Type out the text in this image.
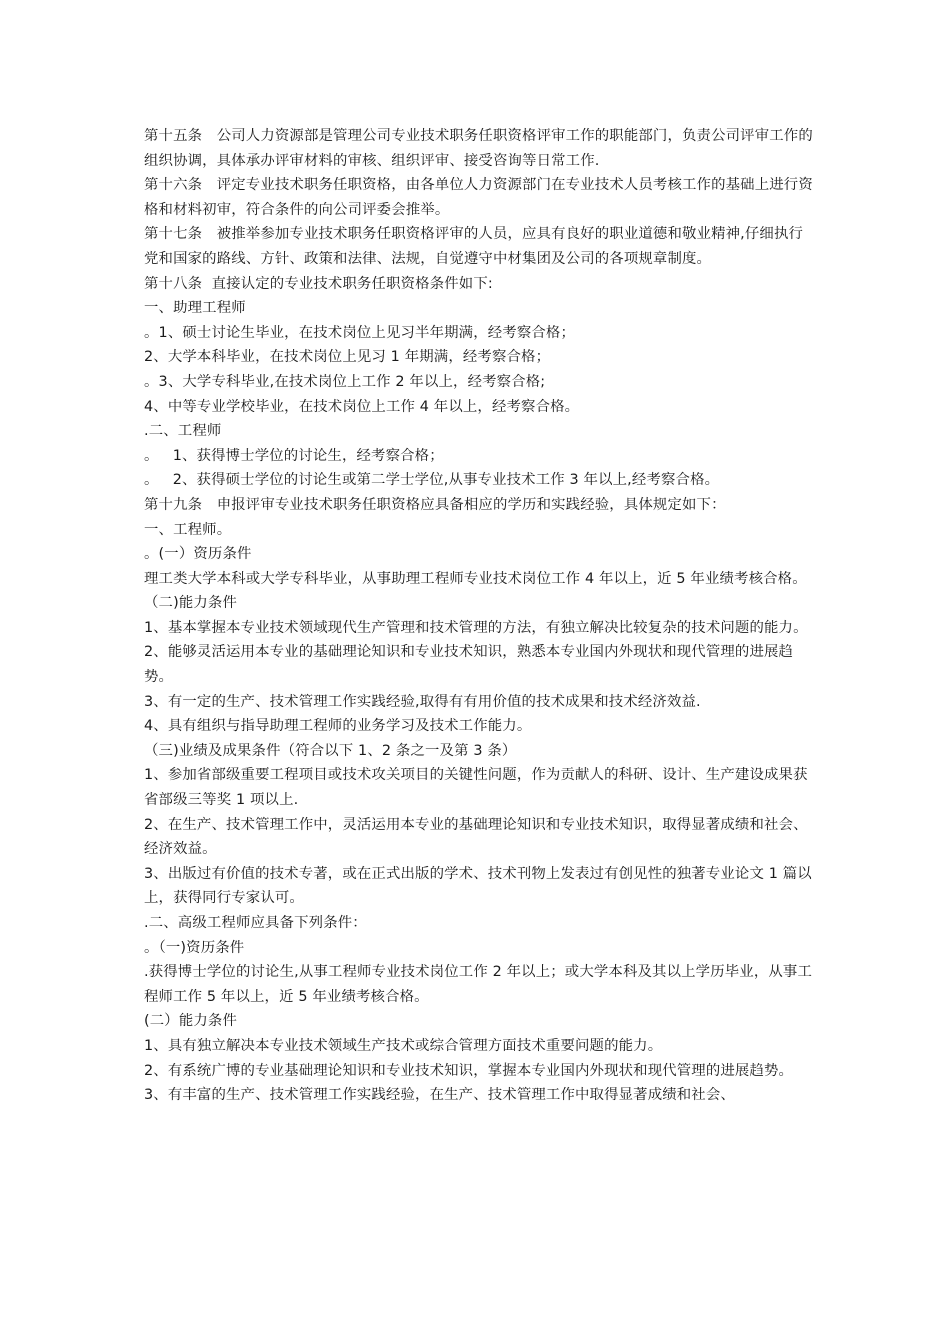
第十五条　公司人力资源部是管理公司专业技术职务任职资格评审工作的职能部门，负责公司评审工作的组织协调，具体承办评审材料的审核、组织评审、接受咨询等日常工作.

第十六条　评定专业技术职务任职资格，由各单位人力资源部门在专业技术人员考核工作的基础上进行资格和材料初审，符合条件的向公司评委会推举。

第十七条　被推举参加专业技术职务任职资格评审的人员，应具有良好的职业道德和敬业精神,仔细执行党和国家的路线、方针、政策和法律、法规，自觉遵守中材集团及公司的各项规章制度。

第十八条  直接认定的专业技术职务任职资格条件如下:

一、助理工程师

。1、硕士讨论生毕业，在技术岗位上见习半年期满，经考察合格；

2、大学本科毕业，在技术岗位上见习 1 年期满，经考察合格；

。3、大学专科毕业,在技术岗位上工作 2 年以上，经考察合格;

4、中等专业学校毕业，在技术岗位上工作 4 年以上，经考察合格。

.二、工程师

。   1、获得博士学位的讨论生，经考察合格；

。   2、获得硕士学位的讨论生或第二学士学位,从事专业技术工作 3 年以上,经考察合格。

第十九条　申报评审专业技术职务任职资格应具备相应的学历和实践经验，具体规定如下：

一、工程师。

。(一）资历条件

理工类大学本科或大学专科毕业，从事助理工程师专业技术岗位工作 4 年以上，近 5 年业绩考核合格。

（二)能力条件

1、基本掌握本专业技术领域现代生产管理和技术管理的方法，有独立解决比较复杂的技术问题的能力。

2、能够灵活运用本专业的基础理论知识和专业技术知识，熟悉本专业国内外现状和现代管理的进展趋势。

3、有一定的生产、技术管理工作实践经验,取得有有用价值的技术成果和技术经济效益.

4、具有组织与指导助理工程师的业务学习及技术工作能力。

（三)业绩及成果条件（符合以下 1、2 条之一及第 3 条）

1、参加省部级重要工程项目或技术攻关项目的关键性问题，作为贡献人的科研、设计、生产建设成果获省部级三等奖 1 项以上.

2、在生产、技术管理工作中，灵活运用本专业的基础理论知识和专业技术知识，取得显著成绩和社会、经济效益。

3、出版过有价值的技术专著，或在正式出版的学术、技术刊物上发表过有创见性的独著专业论文 1 篇以上，获得同行专家认可。

.二、高级工程师应具备下列条件：

。（一)资历条件

.获得博士学位的讨论生,从事工程师专业技术岗位工作 2 年以上；或大学本科及其以上学历毕业，从事工程师工作 5 年以上，近 5 年业绩考核合格。

(二）能力条件

1、具有独立解决本专业技术领域生产技术或综合管理方面技术重要问题的能力。

2、有系统广博的专业基础理论知识和专业技术知识，掌握本专业国内外现状和现代管理的进展趋势。

3、有丰富的生产、技术管理工作实践经验，在生产、技术管理工作中取得显著成绩和社会、
